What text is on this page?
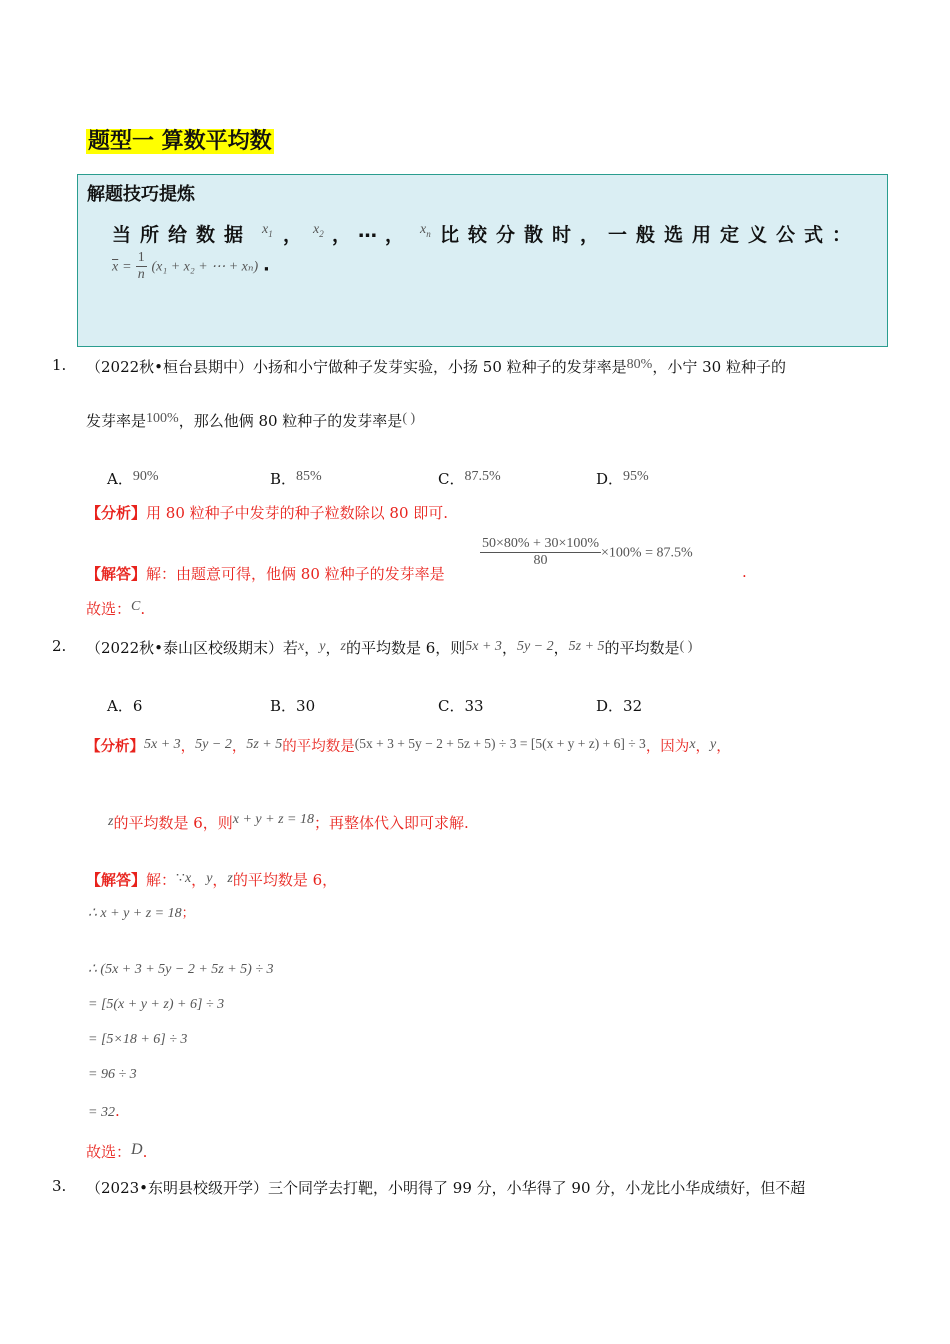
题型一 算数平均数
解题技巧提炼
当所给数据 $x_1$ ， $x_2$ ， … ， $x_n$ 比较分散时，一般选用定义公式：
$\overline{x} = \frac{1}{n} (x_1 + x_2$ + ⋯ + xₙ) .
1. （2022秋•桓台县期中）小扬和小宁做种子发芽实验，小扬 50 粒种子的发芽率是80%，小宁 30 粒种子的
发芽率是100%，那么他俩 80 粒种子的发芽率是( )
A．90%	B．85%	C．87.5%	D．95%
【分析】用 80 粒种子中发芽的种子粒数除以 80 即可.
【解答】解：由题意可得，他俩 80 粒种子的发芽率是
$\frac{50\times 80\% + 30\times 100\%}{80} \times 100\% = 87.5\%$
.
故选：C.
2. （2022秋•泰山区校级期末）若x，y，z的平均数是 6，则5x + 3，5y − 2，5z + 5的平均数是( )
A．6	B．30	C．33	D．32
【分析】5x + 3，5y − 2，5z + 5的平均数是(5x + 3 + 5y − 2 + 5z + 5) ÷ 3 = [5(x + y + z) + 6] ÷ 3，因为x，y，
z的平均数是 6，则x + y + z = 18；再整体代入即可求解.
【解答】解：∵x，y，z的平均数是 6，
∴ x + y + z = 18；
∴ (5x + 3 + 5y − 2 + 5z + 5) ÷ 3
= [5(x + y + z) + 6] ÷ 3
= [5×18 + 6] ÷ 3
= 96 ÷ 3
= 32.
故选：D.
3. （2023•东明县校级开学）三个同学去打靶，小明得了 99 分，小华得了 90 分，小龙比小华成绩好，但不超
